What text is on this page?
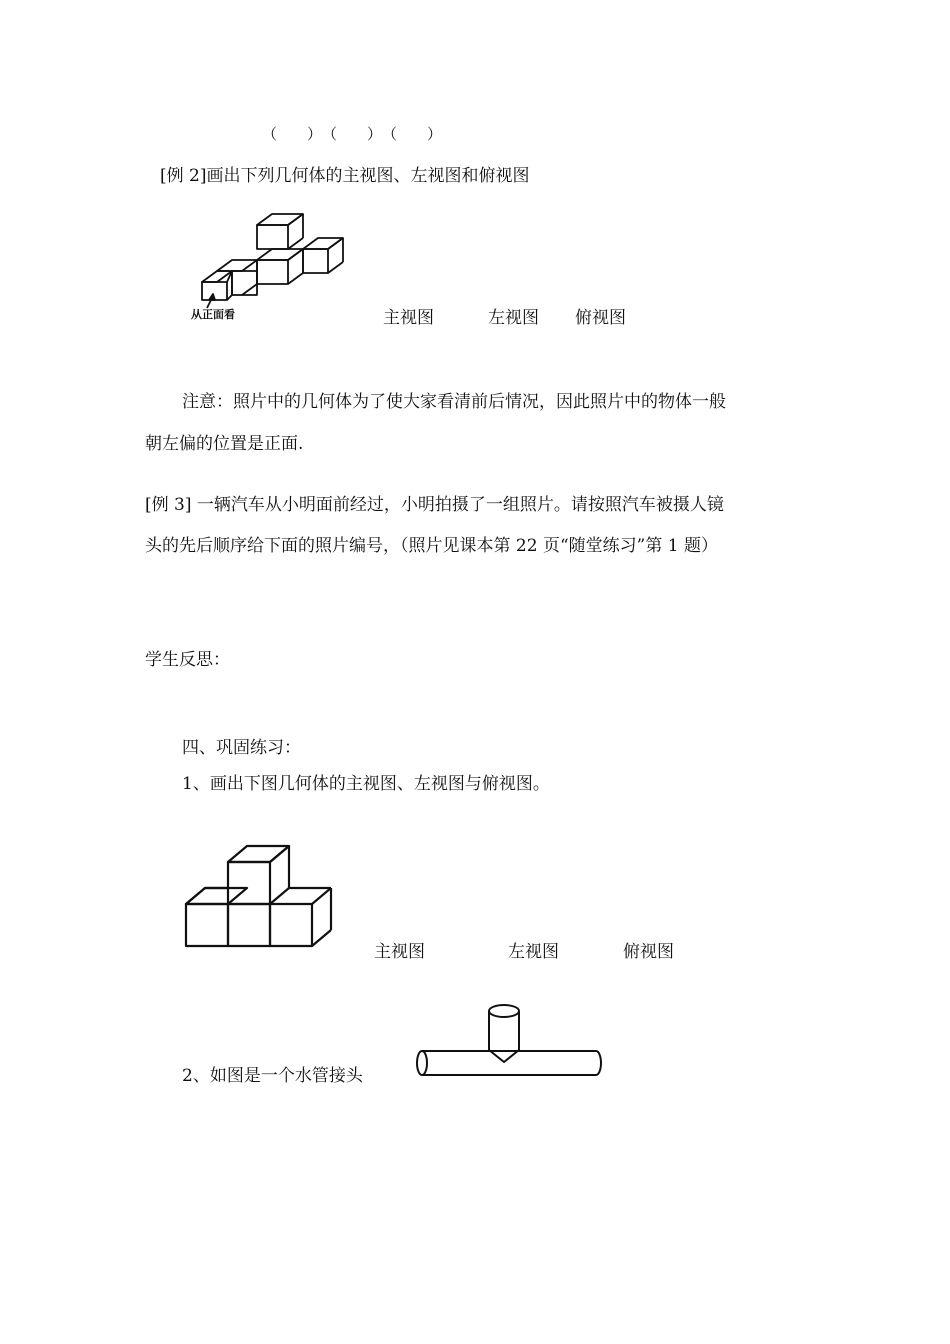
（　　）　（　　）　（　　）
[例 2]画出下列几何体的主视图、左视图和俯视图
从正面看	主视图	左视图 俯视图
注意：照片中的几何体为了使大家看清前后情况，因此照片中的物体一般
朝左偏的位置是正面.
[例 3] 一辆汽车从小明面前经过，小明拍摄了一组照片。请按照汽车被摄人镜
头的先后顺序给下面的照片编号，（照片见课本第 22 页“随堂练习”第 1 题）
学生反思：
四、巩固练习：
1、画出下图几何体的主视图、左视图与俯视图。
主视图	左视图	俯视图
2、如图是一个水管接头
